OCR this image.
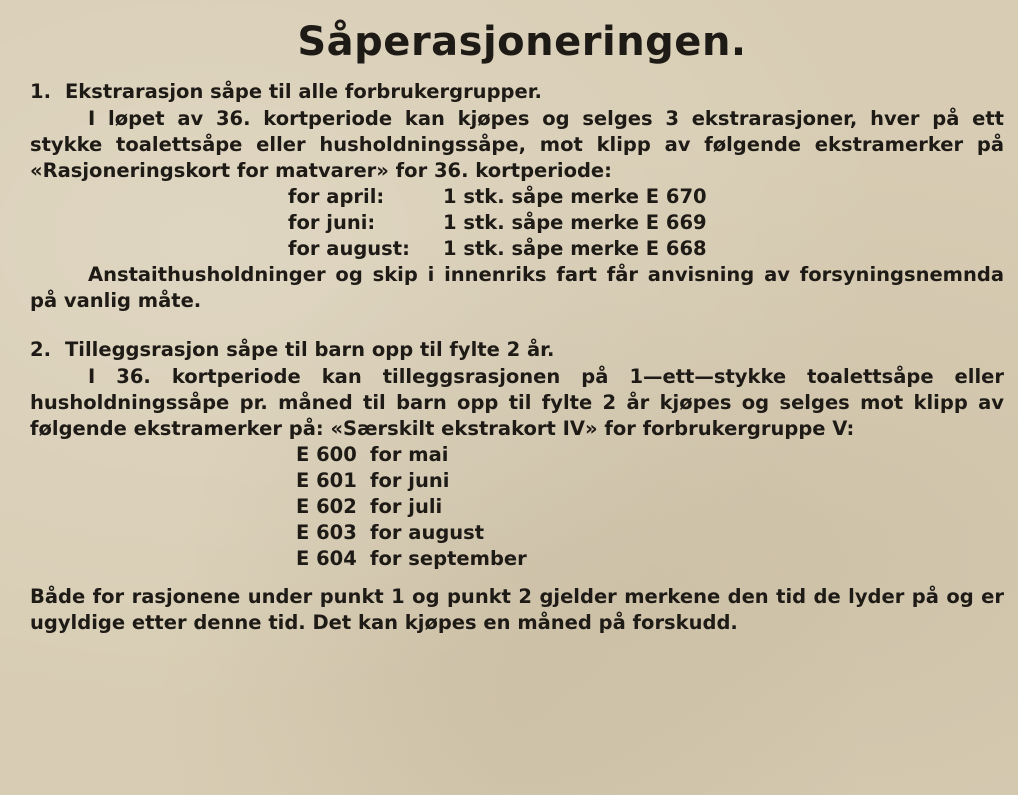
Såperasjoneringen.
1. Ekstrarasjon såpe til alle forbrukergrupper.

I løpet av 36. kortperiode kan kjøpes og selges 3 ekstrarasjoner, hver på ett stykke toalettsåpe eller husholdningssåpe, mot klipp av følgende ekstramerker på «Rasjoneringskort for matvarer» for 36. kortperiode:

for april:	1 stk. såpe merke E 670
for juni:	1 stk. såpe merke E 669
for august:	1 stk. såpe merke E 668

Anstaithusholdninger og skip i innenriks fart får anvisning av forsyningsnemnda på vanlig måte.

2. Tilleggsrasjon såpe til barn opp til fylte 2 år.

I 36. kortperiode kan tilleggsrasjonen på 1—ett—stykke toalettsåpe eller husholdningssåpe pr. måned til barn opp til fylte 2 år kjøpes og selges mot klipp av følgende ekstramerker på: «Særskilt ekstrakort IV» for forbrukergruppe V:

E 600 for mai
E 601 for juni
E 602 for juli
E 603 for august
E 604 for september

Både for rasjonene under punkt 1 og punkt 2 gjelder merkene den tid de lyder på og er ugyldige etter denne tid. Det kan kjøpes en måned på forskudd.
